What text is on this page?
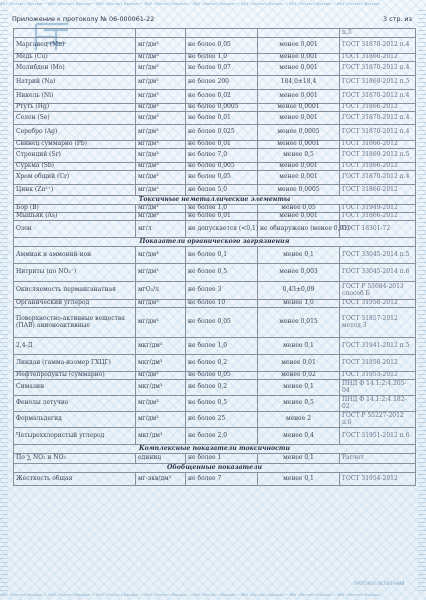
ФБУ «Ростест-Москва» • ФБУ «Ростест-Москва» • ФБУ «Ростест-Москва» • ФБУ «Ростест-Москва» • ФБУ «Ростест-Москва» • ФБУ «Ростест-Москва» • ФБУ «Ростест-Москва» • ФБУ «Ростест-Москва»
Приложение к протоколу № 06-000061-22	3 стр. из
				п.5
Марганец (Mn)	мг/дм³	не более 0,05	менее 0,001	ГОСТ 31870-2012 п.4
Медь (Cu)	мг/дм³	не более 1,0	менее 0,001	ГОСТ 31866-2012
Молибден (Mo)	мг/дм³	не более 0,07	менее 0,001	ГОСТ 31870-2012 п.4
Натрий (Na)	мг/дм³	не более 200	184,0±18,4	ГОСТ 31869-2012 п.5
Никель (Ni)	мг/дм³	не более 0,02	менее 0,001	ГОСТ 31870-2012 п.4
Ртуть (Hg)	мг/дм³	не более 0,0005	менее 0,0001	ГОСТ 31866-2012
Селен (Se)	мг/дм³	не более 0,01	менее 0,001	ГОСТ 31870-2012 п.4
Серебро (Ag)	мг/дм³	не более 0,025	менее 0,0005	ГОСТ 31870-2012 п.4
Свинец суммарно (Pb)	мг/дм³	не более 0,01	менее 0,0001	ГОСТ 31866-2012
Стронций (Sr)	мг/дм³	не более 7,0	менее 0,5	ГОСТ 31869-2012 п.5
Сурьма (Sb)	мг/дм³	не более 0,005	менее 0,001	ГОСТ 31866-2012
Хром общий (Cr)	мг/дм³	не более 0,05	менее 0,001	ГОСТ 31870-2012 п.4
Цинк (Zn²⁺)	мг/дм³	не более 5,0	менее 0,0005	ГОСТ 31866-2012
Токсичные неметаллические элементы				
Бор (B)	мг/дм³	не более 1,0	менее 0,05	ГОСТ 31949-2012
Мышьяк (As)	мг/дм³	не более 0,01	менее 0,001	ГОСТ 31866-2012
Озон	мг/л	не допускается (<0,1)	не обнаружено (менее 0,01)	ГОСТ 18301-72
Показатели органического загрязнения				
Аммиак и аммоний-ион	мг/дм³	не более 0,1	менее 0,1	ГОСТ 33045-2014 п.5
Нитриты (по NO₂⁻)	мг/дм³	не более 0,5	менее 0,003	ГОСТ 33045-2014 п.6
Окисляемость перманганатная	мгO₂/л	не более 3	0,43±0,09	ГОСТ Р 55684-2013 способ Б
Органический углерод	мг/дм³	не более 10	менее 1,0	ГОСТ 31958-2012
Поверхностно-активные вещества (ПАВ) анионоактивные	мг/дм³	не более 0,05	менее 0,015	ГОСТ 31857-2012 метод 3
2,4-Д	мкг/дм³	не более 1,0	менее 0,1	ГОСТ 31941-2012 п.5
Линдан (гамма-изомер ГХЦГ)	мкг/дм³	не более 0,2	менее 0,01	ГОСТ 31858-2012
Нефтепродукты (суммарно)	мг/дм³	не более 0,05	менее 0,02	ГОСТ 31953-2012
Симазин	мкг/дм³	не более 0,2	менее 0,1	ПНД Ф 14.1:2:4.205-04
Фенолы летучие	мг/дм³	не более 0,5	менее 0,5	ПНД Ф 14.1:2:4.182-02
Формальдегид	мг/дм³	не более 25	менее 2	ГОСТ Р 55227-2012 п.6
Четыреххлористый углерод	мкг/дм³	не более 2,0	менее 0,4	ГОСТ 31951-2012 п.6
Комплексные показатели токсичности				
По ∑ NO₂ и NO₃	единиц	не более 1	менее 0,1	Расчет
Обобщенные показатели				
Жесткость общая	мг-экв/дм³	не более 7	менее 0,1	ГОСТ 31954-2012
ФБУ «Ростест-Москва» • ФБУ «Ростест-Москва» • ФБУ «Ростест-Москва» • ФБУ «Ростест-Москва» • ФБУ «Ростест-Москва» • ФБУ «Ростест-Москва» • ФБУ «Ростест-Москва» • ФБУ «Ростест-Москва»
ПРОТОКОЛ ИСПЫТАНИЙ
